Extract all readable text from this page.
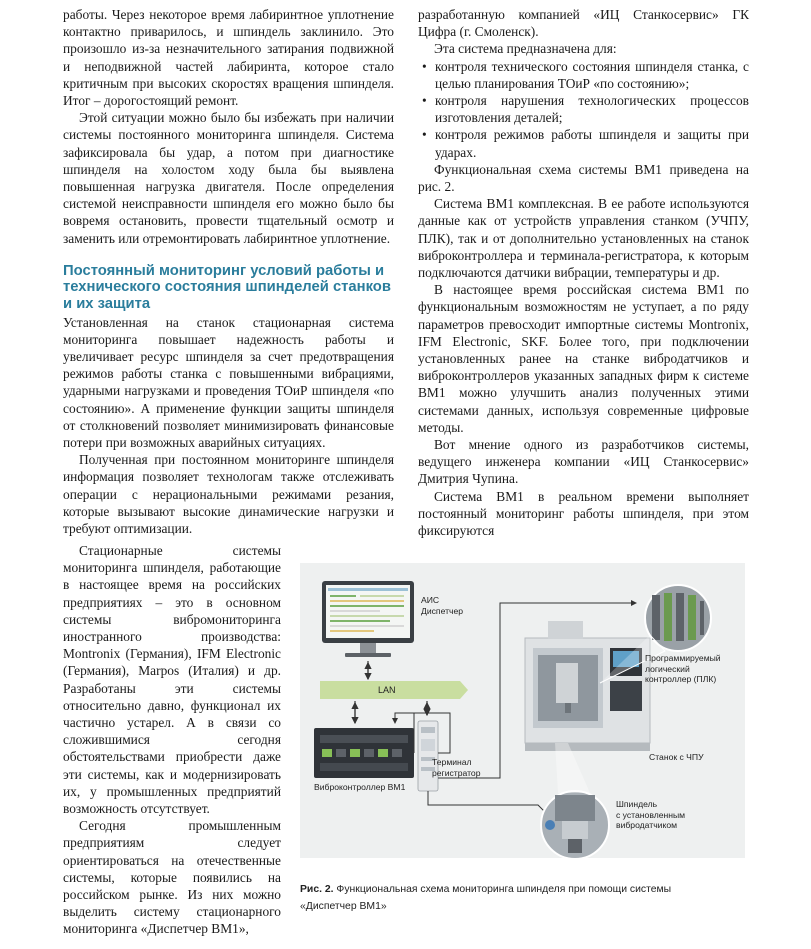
работы. Через некоторое время лабиринтное уплотнение контактно приварилось, и шпиндель заклинило. Это произошло из-за незначительного затирания подвижной и неподвижной частей лабиринта, которое стало критичным при высоких скоростях вращения шпинделя. Итог – дорогостоящий ремонт.

Этой ситуации можно было бы избежать при наличии системы постоянного мониторинга шпинделя. Система зафиксировала бы удар, а потом при диагностике шпинделя на холостом ходу была бы выявлена повышенная нагрузка двигателя. После определения системой неисправности шпинделя его можно было бы вовремя остановить, провести тщательный осмотр и заменить или отремонтировать лабиринтное уплотнение.

Постоянный мониторинг условий работы и технического состояния шпинделей станков и их защита

Установленная на станок стационарная система мониторинга повышает надежность работы и увеличивает ресурс шпинделя за счет предотвращения режимов работы станка с повышенными вибрациями, ударными нагрузками и проведения ТОиР шпинделя «по состоянию». А применение функции защиты шпинделя от столкновений позволяет минимизировать финансовые потери при возможных аварийных ситуациях.

Полученная при постоянном мониторинге шпинделя информация позволяет технологам также отслеживать операции с нерациональными режимами резания, которые вызывают высокие динамические нагрузки и требуют оптимизации.

Стационарные системы мониторинга шпинделя, работающие в настоящее время на российских предприятиях – это в основном системы вибромониторинга иностранного производства: Montronix (Германия), IFM Electronic (Германия), Marpos (Италия) и др. Разработаны эти системы относительно давно, функционал их частично устарел. А в связи со сложившимися сегодня обстоятельствами приобрести даже эти системы, как и модернизировать их, у промышленных предприятий возможность отсутствует.

Сегодня промышленным предприятиям следует ориентироваться на отечественные системы, которые появились на российском рынке. Из них можно выделить систему стационарного мониторинга «Диспетчер ВМ1»,

разработанную компанией «ИЦ Станкосервис» ГК Цифра (г. Смоленск).

Эта система предназначена для:

• контроля технического состояния шпинделя станка, с целью планирования ТОиР «по состоянию»;
• контроля нарушения технологических процессов изготовления деталей;
• контроля режимов работы шпинделя и защиты при ударах.

Функциональная схема системы ВМ1 приведена на рис. 2.

Система ВМ1 комплексная. В ее работе используются данные как от устройств управления станком (УЧПУ, ПЛК), так и от дополнительно установленных на станок виброконтроллера и терминала-регистратора, к которым подключаются датчики вибрации, температуры и др.

В настоящее время российская система ВМ1 по функциональным возможностям не уступает, а по ряду параметров превосходит импортные системы Montronix, IFM Electronic, SKF. Более того, при подключении установленных ранее на станке вибродатчиков и виброконтроллеров указанных западных фирм к системе ВМ1 можно улучшить анализ полученных этими системами данных, используя современные цифровые методы.

Вот мнение одного из разработчиков системы, ведущего инженера компании «ИЦ Станкосервис» Дмитрия Чупина.

Система ВМ1 в реальном времени выполняет постоянный мониторинг работы шпинделя, при этом фиксируются

АИС
Диспетчер
LAN
Виброконтроллер ВМ1
Терминал
регистратор
Программируемый
логический
контроллер (ПЛК)
Станок с ЧПУ
Шпиндель
с установленным
вибродатчиком
Рис. 2. Функциональная схема мониторинга шпинделя при помощи системы
«Диспетчер ВМ1»
